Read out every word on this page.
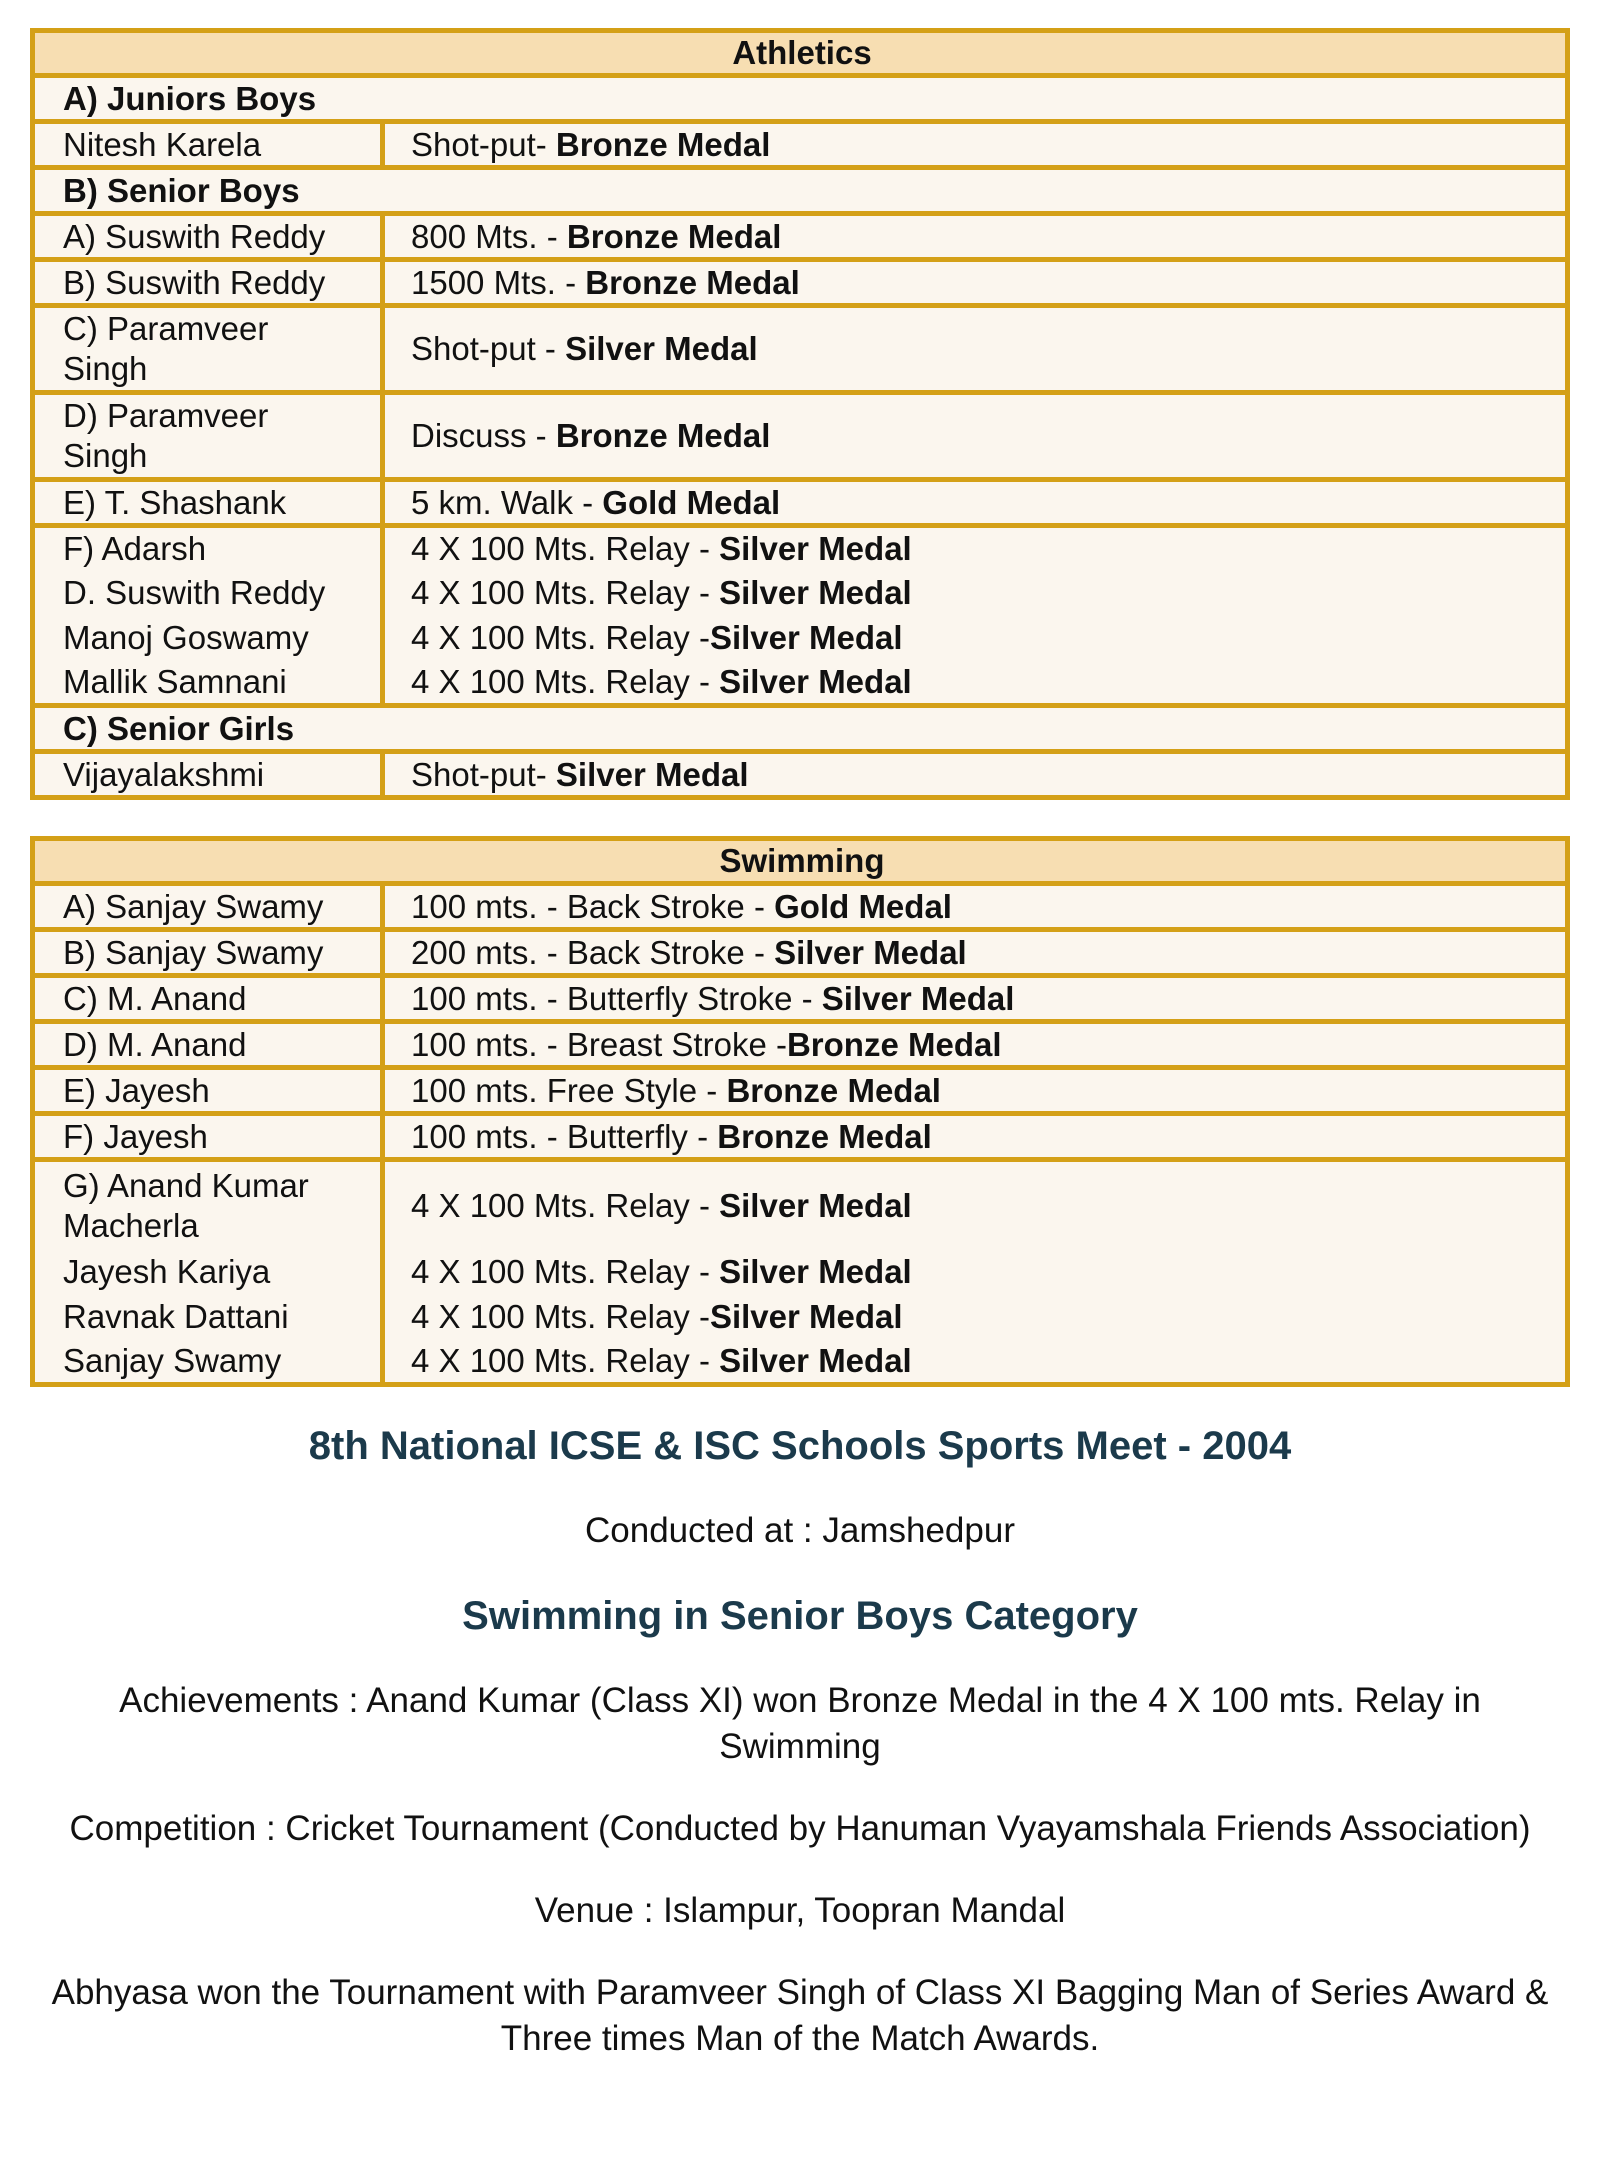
Athletics	
A) Juniors Boys	
Nitesh Karela	Shot-put- Bronze Medal
B) Senior Boys	
A) Suswith Reddy	800 Mts. - Bronze Medal
B) Suswith Reddy	1500 Mts. - Bronze Medal
C) Paramveer Singh	Shot-put - Silver Medal
D) Paramveer Singh	Discuss - Bronze Medal
E) T. Shashank	5 km. Walk - Gold Medal
F) Adarsh	4 X 100 Mts. Relay - Silver Medal
D. Suswith Reddy	4 X 100 Mts. Relay - Silver Medal
Manoj Goswamy	4 X 100 Mts. Relay -Silver Medal
Mallik Samnani	4 X 100 Mts. Relay - Silver Medal
C) Senior Girls	
Vijayalakshmi	Shot-put- Silver Medal
Swimming	
A) Sanjay Swamy	100 mts. - Back Stroke - Gold Medal
B) Sanjay Swamy	200 mts. - Back Stroke - Silver Medal
C) M. Anand	100 mts. - Butterfly Stroke - Silver Medal
D) M. Anand	100 mts. - Breast Stroke -Bronze Medal
E) Jayesh	100 mts. Free Style - Bronze Medal
F) Jayesh	100 mts. - Butterfly - Bronze Medal
G) Anand Kumar Macherla	4 X 100 Mts. Relay - Silver Medal
Jayesh Kariya	4 X 100 Mts. Relay - Silver Medal
Ravnak Dattani	4 X 100 Mts. Relay -Silver Medal
Sanjay Swamy	4 X 100 Mts. Relay - Silver Medal
8th National ICSE & ISC Schools Sports Meet - 2004

Conducted at : Jamshedpur

Swimming in Senior Boys Category

Achievements : Anand Kumar (Class XI) won Bronze Medal in the 4 X 100 mts. Relay in Swimming

Competition : Cricket Tournament (Conducted by Hanuman Vyayamshala Friends Association)

Venue : Islampur, Toopran Mandal

Abhyasa won the Tournament with Paramveer Singh of Class XI Bagging Man of Series Award & Three times Man of the Match Awards.
